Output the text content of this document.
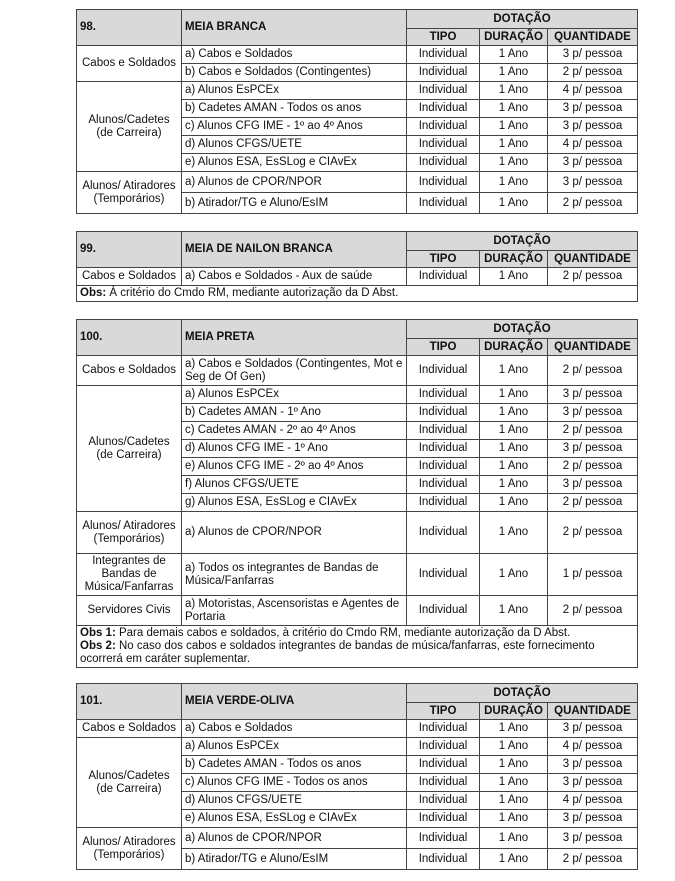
98.	MEIA BRANCA	DOTAÇÃO		
		TIPO	DURAÇÃO	QUANTIDADE
Cabos e Soldados	a) Cabos e Soldados	Individual	1 Ano	3 p/ pessoa
	b) Cabos e Soldados (Contingentes)	Individual	1 Ano	2 p/ pessoa
Alunos/Cadetes (de Carreira)	a) Alunos EsPCEx	Individual	1 Ano	4 p/ pessoa
	b) Cadetes AMAN - Todos os anos	Individual	1 Ano	3 p/ pessoa
	c) Alunos CFG IME - 1º ao 4º Anos	Individual	1 Ano	3 p/ pessoa
	d) Alunos CFGS/UETE	Individual	1 Ano	4 p/ pessoa
	e) Alunos ESA, EsSLog e CIAvEx	Individual	1 Ano	3 p/ pessoa
Alunos/ Atiradores (Temporários)	a) Alunos de CPOR/NPOR	Individual	1 Ano	3 p/ pessoa
	b) Atirador/TG e Aluno/EsIM	Individual	1 Ano	2 p/ pessoa
99.	MEIA DE NAILON BRANCA	DOTAÇÃO		
		TIPO	DURAÇÃO	QUANTIDADE
Cabos e Soldados	a) Cabos e Soldados - Aux de saúde	Individual	1 Ano	2 p/ pessoa
Obs: À critério do Cmdo RM, mediante autorização da D Abst.				
100.	MEIA PRETA	DOTAÇÃO		
		TIPO	DURAÇÃO	QUANTIDADE
Cabos e Soldados	a) Cabos e Soldados (Contingentes, Mot e Seg de Of Gen)	Individual	1 Ano	2 p/ pessoa
Alunos/Cadetes (de Carreira)	a) Alunos EsPCEx	Individual	1 Ano	3 p/ pessoa
	b) Cadetes AMAN - 1º Ano	Individual	1 Ano	3 p/ pessoa
	c) Cadetes AMAN - 2º ao 4º Anos	Individual	1 Ano	2 p/ pessoa
	d) Alunos CFG IME - 1º Ano	Individual	1 Ano	3 p/ pessoa
	e) Alunos CFG IME - 2º ao 4º Anos	Individual	1 Ano	2 p/ pessoa
	f) Alunos CFGS/UETE	Individual	1 Ano	3 p/ pessoa
	g) Alunos ESA, EsSLog e CIAvEx	Individual	1 Ano	2 p/ pessoa
Alunos/ Atiradores (Temporários)	a) Alunos de CPOR/NPOR	Individual	1 Ano	2 p/ pessoa
Integrantes de Bandas de Música/Fanfarras	a) Todos os integrantes de Bandas de Música/Fanfarras	Individual	1 Ano	1 p/ pessoa
Servidores Civis	a) Motoristas, Ascensoristas e Agentes de Portaria	Individual	1 Ano	2 p/ pessoa
Obs 1: Para demais cabos e soldados, à critério do Cmdo RM, mediante autorização da D Abst.
Obs 2: No caso dos cabos e soldados integrantes de bandas de música/fanfarras, este fornecimento ocorrerá em caráter suplementar.				
101.	MEIA VERDE-OLIVA	DOTAÇÃO		
		TIPO	DURAÇÃO	QUANTIDADE
Cabos e Soldados	a) Cabos e Soldados	Individual	1 Ano	3 p/ pessoa
Alunos/Cadetes (de Carreira)	a) Alunos EsPCEx	Individual	1 Ano	4 p/ pessoa
	b) Cadetes AMAN - Todos os anos	Individual	1 Ano	3 p/ pessoa
	c) Alunos CFG IME - Todos os anos	Individual	1 Ano	3 p/ pessoa
	d) Alunos CFGS/UETE	Individual	1 Ano	4 p/ pessoa
	e) Alunos ESA, EsSLog e CIAvEx	Individual	1 Ano	3 p/ pessoa
Alunos/ Atiradores (Temporários)	a) Alunos de CPOR/NPOR	Individual	1 Ano	3 p/ pessoa
	b) Atirador/TG e Aluno/EsIM	Individual	1 Ano	2 p/ pessoa
